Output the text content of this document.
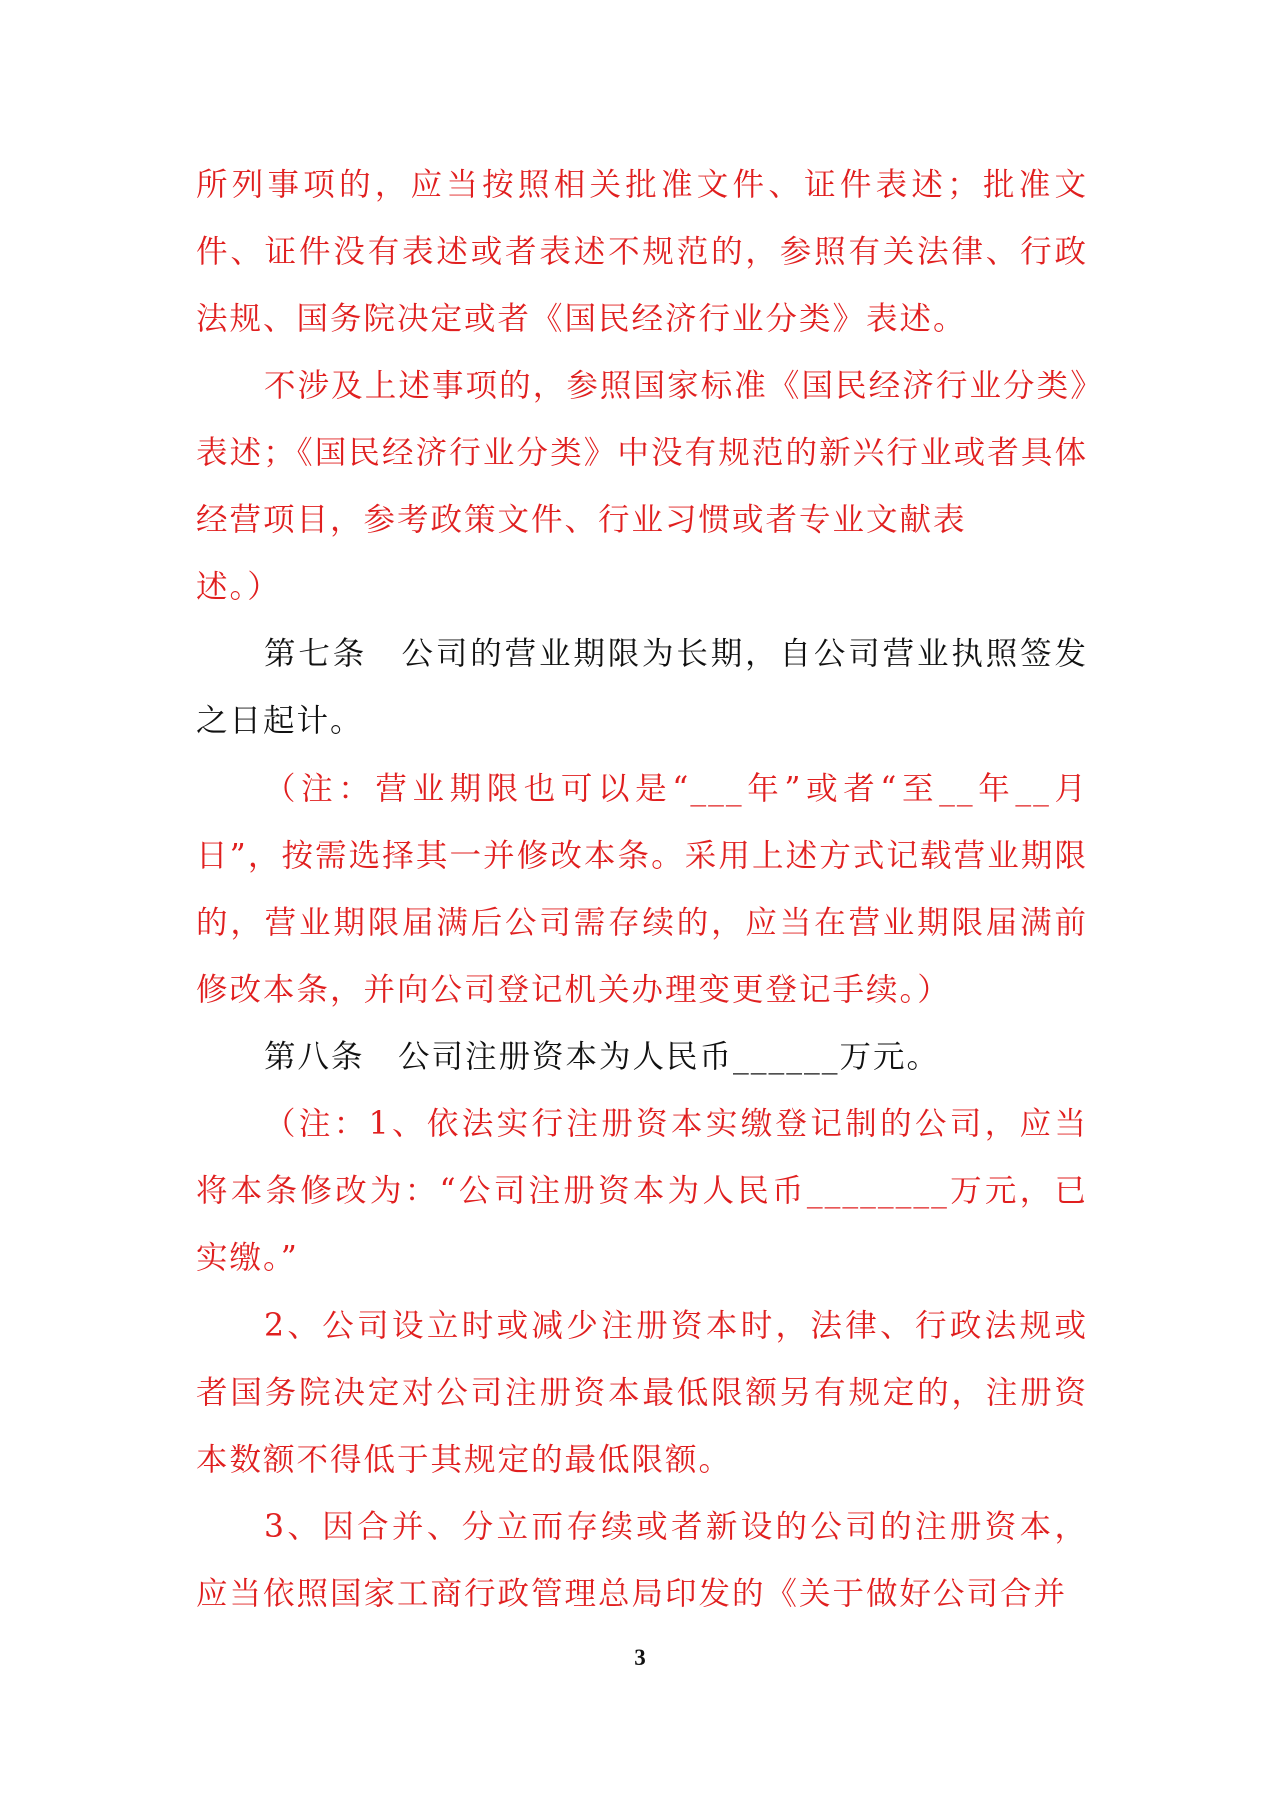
所列事项的，应当按照相关批准文件、证件表述；批准文件、证件没有表述或者表述不规范的，参照有关法律、行政法规、国务院决定或者《国民经济行业分类》表述。

不涉及上述事项的，参照国家标准《国民经济行业分类》表述；《国民经济行业分类》中没有规范的新兴行业或者具体经营项目，参考政策文件、行业习惯或者专业文献表
述。）

第七条　公司的营业期限为长期，自公司营业执照签发之日起计。

（注：营业期限也可以是“___年”或者“至__年__月日”，按需选择其一并修改本条。采用上述方式记载营业期限的，营业期限届满后公司需存续的，应当在营业期限届满前修改本条，并向公司登记机关办理变更登记手续。）

第八条　公司注册资本为人民币______万元。

（注：1、依法实行注册资本实缴登记制的公司，应当将本条修改为：“公司注册资本为人民币________万元，已实缴。”

2、公司设立时或减少注册资本时，法律、行政法规或者国务院决定对公司注册资本最低限额另有规定的，注册资本数额不得低于其规定的最低限额。

3、因合并、分立而存续或者新设的公司的注册资本，应当依照国家工商行政管理总局印发的《关于做好公司合并

3
